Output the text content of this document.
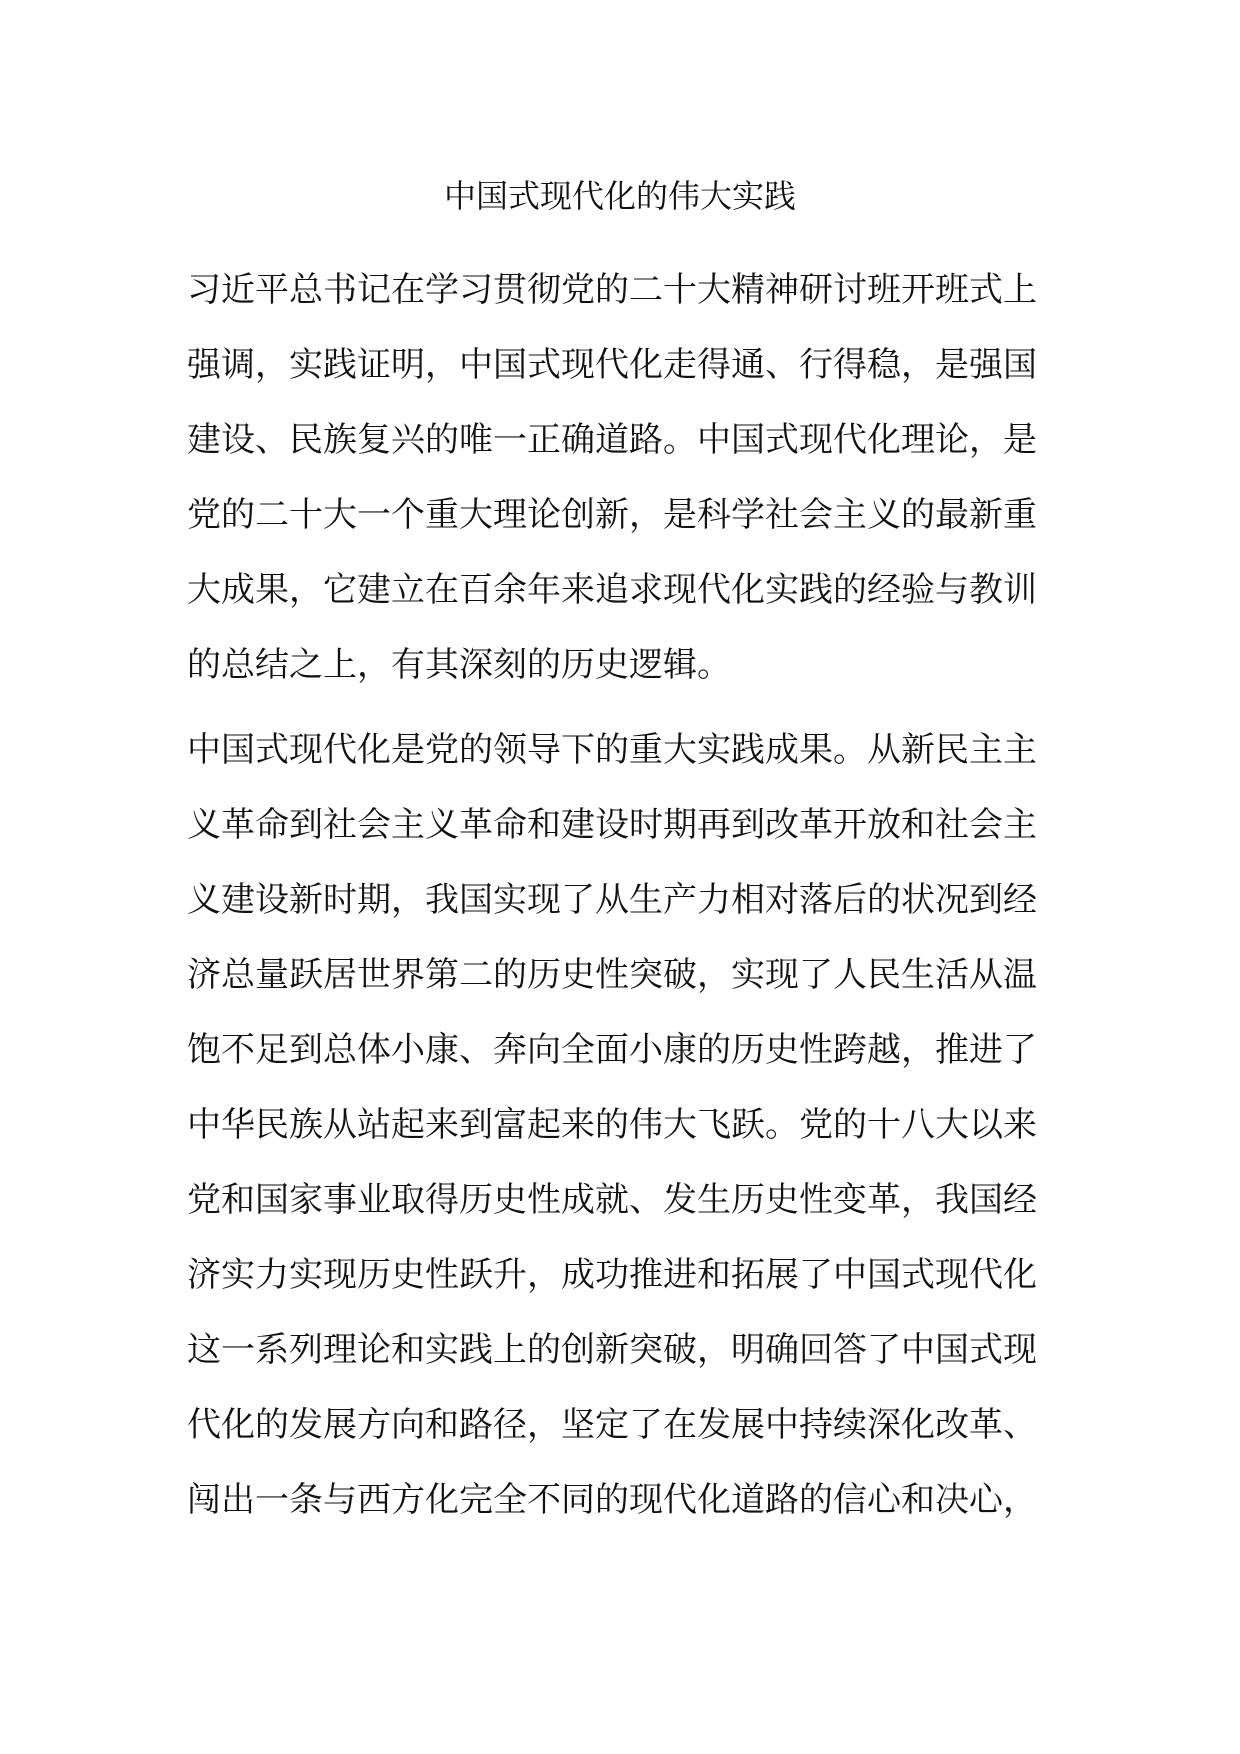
中国式现代化的伟大实践
习近平总书记在学习贯彻党的二十大精神研讨班开班式上
强调，实践证明，中国式现代化走得通、行得稳，是强国
建设、民族复兴的唯一正确道路。中国式现代化理论，是
党的二十大一个重大理论创新，是科学社会主义的最新重
大成果，它建立在百余年来追求现代化实践的经验与教训
的总结之上，有其深刻的历史逻辑。
中国式现代化是党的领导下的重大实践成果。从新民主主
义革命到社会主义革命和建设时期再到改革开放和社会主
义建设新时期，我国实现了从生产力相对落后的状况到经
济总量跃居世界第二的历史性突破，实现了人民生活从温
饱不足到总体小康、奔向全面小康的历史性跨越，推进了
中华民族从站起来到富起来的伟大飞跃。党的十八大以来
党和国家事业取得历史性成就、发生历史性变革，我国经
济实力实现历史性跃升，成功推进和拓展了中国式现代化
这一系列理论和实践上的创新突破，明确回答了中国式现
代化的发展方向和路径，坚定了在发展中持续深化改革、
闯出一条与西方化完全不同的现代化道路的信心和决心，
